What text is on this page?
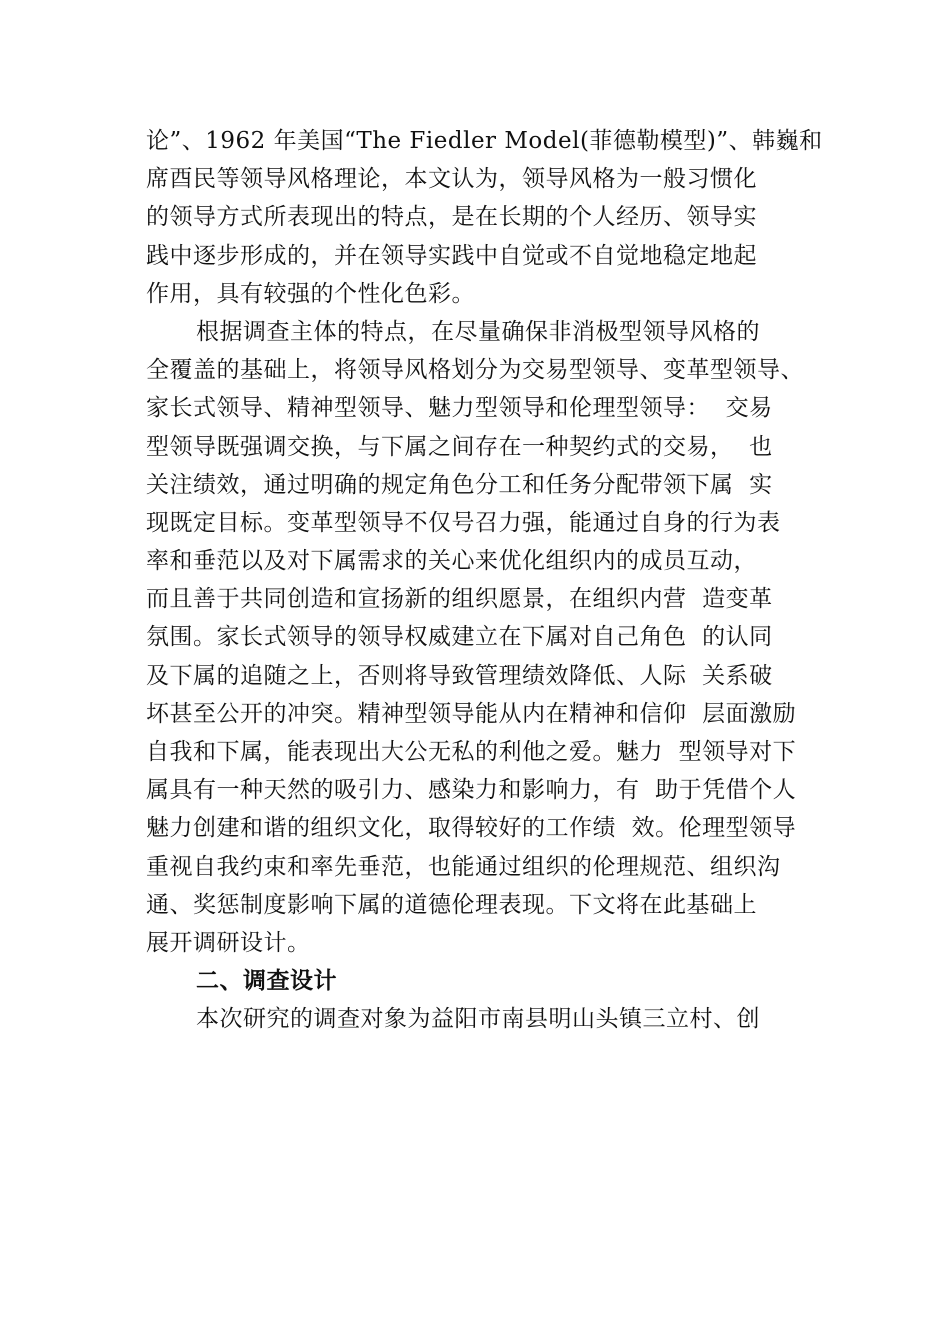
论”、1962 年美国“The Fiedler Model(菲德勒模型)”、韩巍和
席酉民等领导风格理论，本文认为，领导风格为一般习惯化
的领导方式所表现出的特点，是在长期的个人经历、领导实
践中逐步形成的，并在领导实践中自觉或不自觉地稳定地起
作用，具有较强的个性化色彩。
根据调查主体的特点，在尽量确保非消极型领导风格的
全覆盖的基础上，将领导风格划分为交易型领导、变革型领导、
家长式领导、精神型领导、魅力型领导和伦理型领导：  交易
型领导既强调交换，与下属之间存在一种契约式的交易，  也
关注绩效，通过明确的规定角色分工和任务分配带领下属  实
现既定目标。变革型领导不仅号召力强，能通过自身的行为表
率和垂范以及对下属需求的关心来优化组织内的成员互动，
而且善于共同创造和宣扬新的组织愿景，在组织内营  造变革
氛围。家长式领导的领导权威建立在下属对自己角色  的认同
及下属的追随之上，否则将导致管理绩效降低、人际  关系破
坏甚至公开的冲突。精神型领导能从内在精神和信仰  层面激励
自我和下属，能表现出大公无私的利他之爱。魅力  型领导对下
属具有一种天然的吸引力、感染力和影响力，有  助于凭借个人
魅力创建和谐的组织文化，取得较好的工作绩  效。伦理型领导
重视自我约束和率先垂范，也能通过组织的伦理规范、组织沟
通、奖惩制度影响下属的道德伦理表现。下文将在此基础上
展开调研设计。
二、调查设计
本次研究的调查对象为益阳市南县明山头镇三立村、创
